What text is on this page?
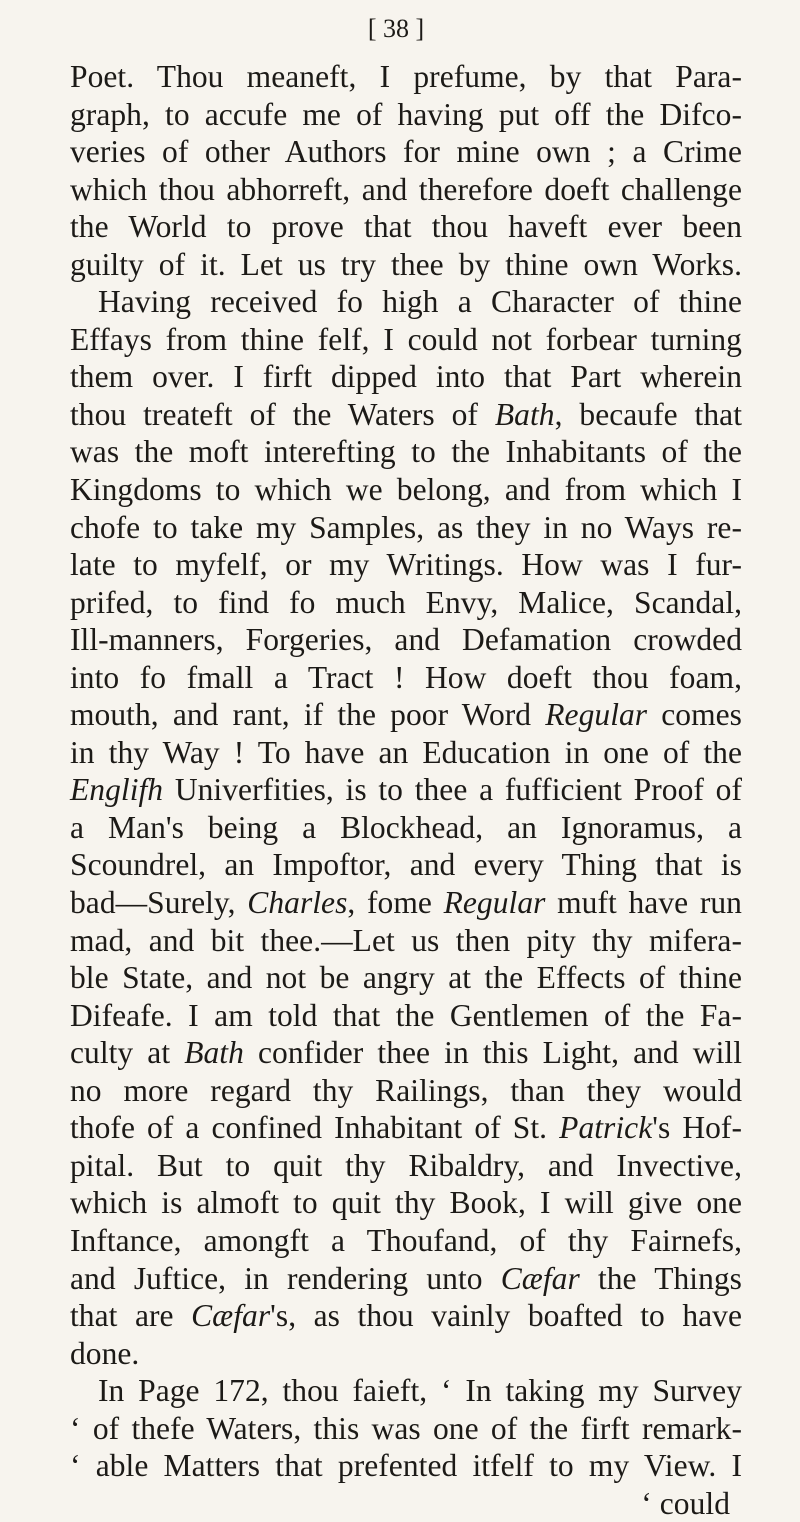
[ 38 ]
Poet. Thou meaneft, I prefume, by that Para-
graph, to accufe me of having put off the Difco-
veries of other Authors for mine own ; a Crime
which thou abhorreft, and therefore doeft challenge
the World to prove that thou haveft ever been
guilty of it. Let us try thee by thine own Works.
Having received fo high a Character of thine
Effays from thine felf, I could not forbear turning
them over. I firft dipped into that Part wherein
thou treateft of the Waters of Bath, becaufe that
was the moft interefting to the Inhabitants of the
Kingdoms to which we belong, and from which I
chofe to take my Samples, as they in no Ways re-
late to myfelf, or my Writings. How was I fur-
prifed, to find fo much Envy, Malice, Scandal,
Ill-manners, Forgeries, and Defamation crowded
into fo fmall a Tract ! How doeft thou foam,
mouth, and rant, if the poor Word Regular comes
in thy Way ! To have an Education in one of the
Englifh Univerfities, is to thee a fufficient Proof of
a Man's being a Blockhead, an Ignoramus, a
Scoundrel, an Impoftor, and every Thing that is
bad—Surely, Charles, fome Regular muft have run
mad, and bit thee.—Let us then pity thy mifera-
ble State, and not be angry at the Effects of thine
Difeafe. I am told that the Gentlemen of the Fa-
culty at Bath confider thee in this Light, and will
no more regard thy Railings, than they would
thofe of a confined Inhabitant of St. Patrick's Hof-
pital. But to quit thy Ribaldry, and Invective,
which is almoft to quit thy Book, I will give one
Inftance, amongft a Thoufand, of thy Fairnefs,
and Juftice, in rendering unto Cæfar the Things
that are Cæfar's, as thou vainly boafted to have
done.
In Page 172, thou faieft, ‘ In taking my Survey
‘ of thefe Waters, this was one of the firft remark-
‘ able Matters that prefented itfelf to my View. I
‘ could
